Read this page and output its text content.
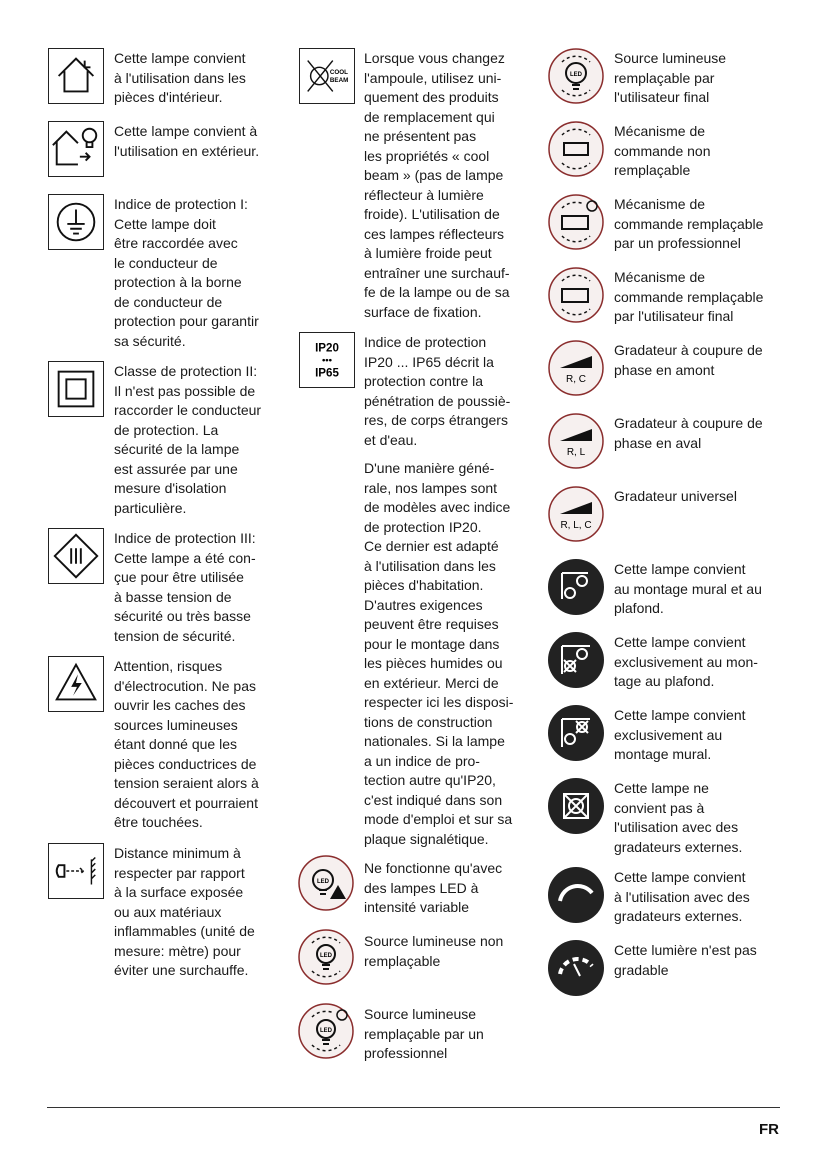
Cette lampe convient
à l'utilisation dans les
pièces d'intérieur.
Cette lampe convient à
l'utilisation en extérieur.
Indice de protection I:
Cette lampe doit
être raccordée avec
le conducteur de
protection à la borne
de conducteur de
protection pour garantir
sa sécurité.
Classe de protection II:
Il n'est pas possible de
raccorder le conducteur
de protection. La
sécurité de la lampe
est assurée par une
mesure d'isolation
particulière.
Indice de protection III:
Cette lampe a été con-
çue pour être utilisée
à basse tension de
sécurité ou très basse
tension de sécurité.
Attention, risques
d'électrocution. Ne pas
ouvrir les caches des
sources lumineuses
étant donné que les
pièces conductrices de
tension seraient alors à
découvert et pourraient
être touchées.
Distance minimum à
respecter par rapport
à la surface exposée
ou aux matériaux
inflammables (unité de
mesure: mètre) pour
éviter une surchauffe.
COOL
BEAM
Lorsque vous changez
l'ampoule, utilisez uni-
quement des produits
de remplacement qui
ne présentent pas
les propriétés « cool
beam » (pas de lampe
réflecteur à lumière
froide). L'utilisation de
ces lampes réflecteurs
à lumière froide peut
entraîner une surchauf-
fe de la lampe ou de sa
surface de fixation.
IP20
•••
IP65
Indice de protection
IP20 ... IP65 décrit la
protection contre la
pénétration de poussiè-
res, de corps étrangers
et d'eau.
D'une manière géné-
rale, nos lampes sont
de modèles avec indice
de protection IP20.
Ce dernier est adapté
à l'utilisation dans les
pièces d'habitation.
D'autres exigences
peuvent être requises
pour le montage dans
les pièces humides ou
en extérieur. Merci de
respecter ici les disposi-
tions de construction
nationales. Si la lampe
a un indice de pro-
tection autre qu'IP20,
c'est indiqué dans son
mode d'emploi et sur sa
plaque signalétique.
LED
Ne fonctionne qu'avec
des lampes LED à
intensité variable
LED
Source lumineuse non
remplaçable
LED
Source lumineuse
remplaçable par un
professionnel
LED
Source lumineuse
remplaçable par
l'utilisateur final
Mécanisme de
commande non
remplaçable
Mécanisme de
commande remplaçable
par un professionnel
Mécanisme de
commande remplaçable
par l'utilisateur final
R, C
Gradateur à coupure de
phase en amont
R, L
Gradateur à coupure de
phase en aval
R, L, C
Gradateur universel
Cette lampe convient
au montage mural et au
plafond.
Cette lampe convient
exclusivement au mon-
tage au plafond.
Cette lampe convient
exclusivement au
montage mural.
Cette lampe ne
convient pas à
l'utilisation avec des
gradateurs externes.
Cette lampe convient
à l'utilisation avec des
gradateurs externes.
Cette lumière n'est pas
gradable
FR
